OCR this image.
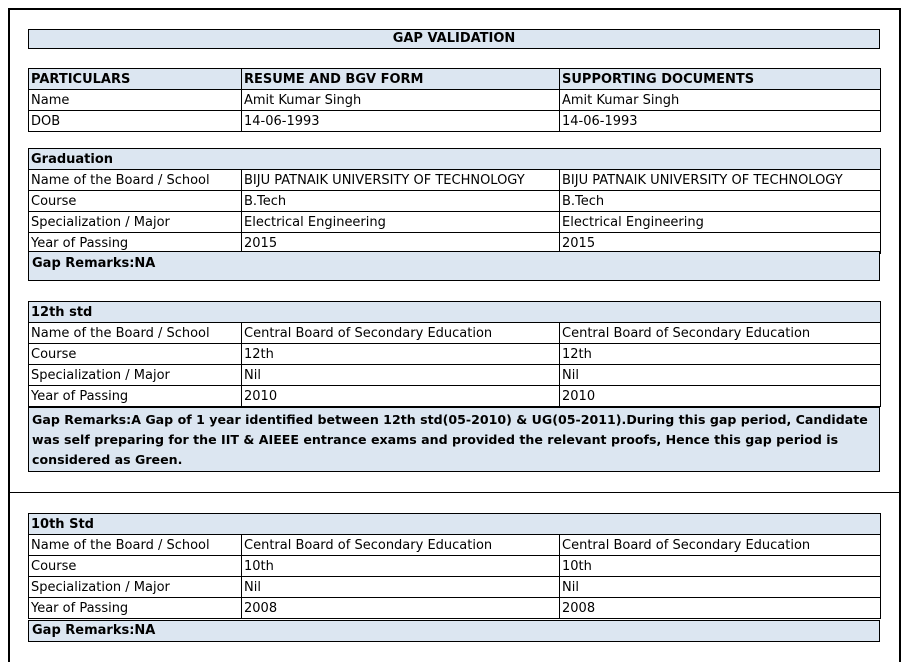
GAP VALIDATION
PARTICULARS	RESUME AND BGV FORM	SUPPORTING DOCUMENTS
Name	Amit Kumar Singh	Amit Kumar Singh
DOB	14-06-1993	14-06-1993
Graduation		
Name of the Board / School	BIJU PATNAIK UNIVERSITY OF TECHNOLOGY	BIJU PATNAIK UNIVERSITY OF TECHNOLOGY
Course	B.Tech	B.Tech
Specialization / Major	Electrical Engineering	Electrical Engineering
Year of Passing	2015	2015
Gap Remarks:NA
12th std		
Name of the Board / School	Central Board of Secondary Education	Central Board of Secondary Education
Course	12th	12th
Specialization / Major	Nil	Nil
Year of Passing	2010	2010
Gap Remarks:A Gap of 1 year identified between 12th std(05-2010) & UG(05-2011).During this gap period, Candidate was self preparing for the IIT & AIEEE entrance exams and provided the relevant proofs, Hence this gap period is considered as Green.
10th Std		
Name of the Board / School	Central Board of Secondary Education	Central Board of Secondary Education
Course	10th	10th
Specialization / Major	Nil	Nil
Year of Passing	2008	2008
Gap Remarks:NA
